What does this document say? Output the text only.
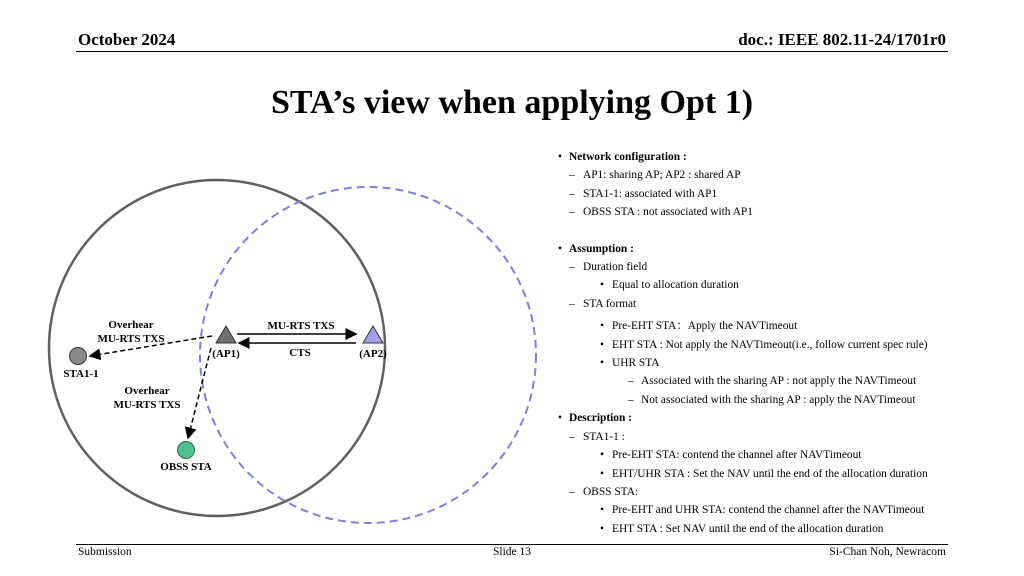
October 2024	doc.: IEEE 802.11-24/1701r0
STA’s view when applying Opt 1)
Overhear
MU-RTS TXS
MU-RTS TXS
CTS
(AP1)	(AP2)
STA1-1
Overhear
MU-RTS TXS
OBSS STA
• Network configuration :
– AP1: sharing AP; AP2 : shared AP
– STA1-1: associated with AP1
– OBSS STA : not associated with AP1
• Assumption :
– Duration field
• Equal to allocation duration
– STA format
• Pre-EHT STA：Apply the NAVTimeout
• EHT STA : Not apply the NAVTimeout(i.e., follow current spec rule)
• UHR STA
– Associated with the sharing AP : not apply the NAVTimeout
– Not associated with the sharing AP : apply the NAVTimeout
• Description :
– STA1-1 :
• Pre-EHT STA: contend the channel after NAVTimeout
• EHT/UHR STA : Set the NAV until the end of the allocation duration
– OBSS STA:
• Pre-EHT and UHR STA: contend the channel after the NAVTimeout
• EHT STA : Set NAV until the end of the allocation duration
Submission	Slide 13	Si-Chan Noh, Newracom
